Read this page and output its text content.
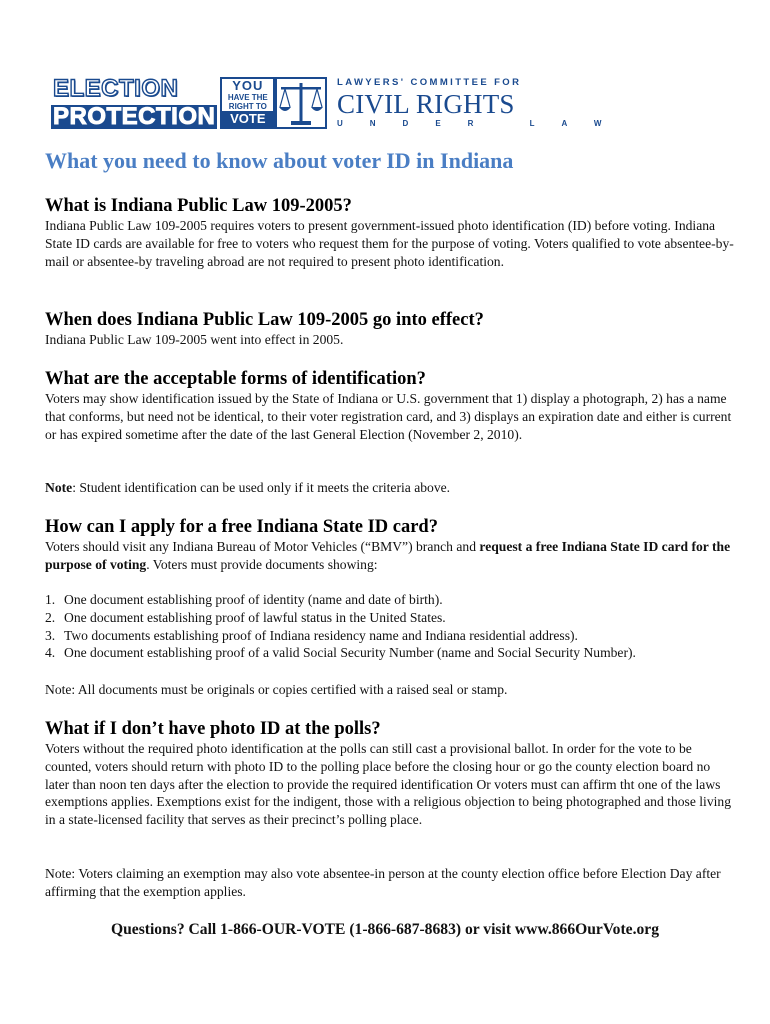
ELECTION
PROTECTION
YOU
HAVE THE
RIGHT TO
VOTE
LAWYERS' COMMITTEE FOR
CIVIL RIGHTS
UNDER LAW
What you need to know about voter ID in Indiana
What is Indiana Public Law 109-2005?

Indiana Public Law 109-2005 requires voters to present government-issued photo identification (ID) before voting. Indiana State ID cards are available for free to voters who request them for the purpose of voting. Voters qualified to vote absentee-by-mail or absentee-by traveling abroad are not required to present photo identification.

When does Indiana Public Law 109-2005 go into effect?

Indiana Public Law 109-2005 went into effect in 2005.

What are the acceptable forms of identification?

Voters may show identification issued by the State of Indiana or U.S. government that 1) display a photograph, 2) has a name that conforms, but need not be identical, to their voter registration card, and 3) displays an expiration date and either is current or has expired sometime after the date of the last General Election (November 2, 2010).

Note: Student identification can be used only if it meets the criteria above.

How can I apply for a free Indiana State ID card?

Voters should visit any Indiana Bureau of Motor Vehicles (“BMV”) branch and request a free Indiana State ID card for the purpose of voting. Voters must provide documents showing:

1. One document establishing proof of identity (name and date of birth).
2. One document establishing proof of lawful status in the United States.
3. Two documents establishing proof of Indiana residency name and Indiana residential address).
4. One document establishing proof of a valid Social Security Number (name and Social Security Number).

Note: All documents must be originals or copies certified with a raised seal or stamp.

What if I don’t have photo ID at the polls?

Voters without the required photo identification at the polls can still cast a provisional ballot. In order for the vote to be counted, voters should return with photo ID to the polling place before the closing hour or go the county election board no later than noon ten days after the election to provide the required identification Or voters must can affirm tht one of the laws exemptions applies. Exemptions exist for the indigent, those with a religious objection to being photographed and those living in a state-licensed facility that serves as their precinct’s polling place.

Note: Voters claiming an exemption may also vote absentee-in person at the county election office before Election Day after affirming that the exemption applies.

Questions? Call 1-866-OUR-VOTE (1-866-687-8683) or visit www.866OurVote.org
